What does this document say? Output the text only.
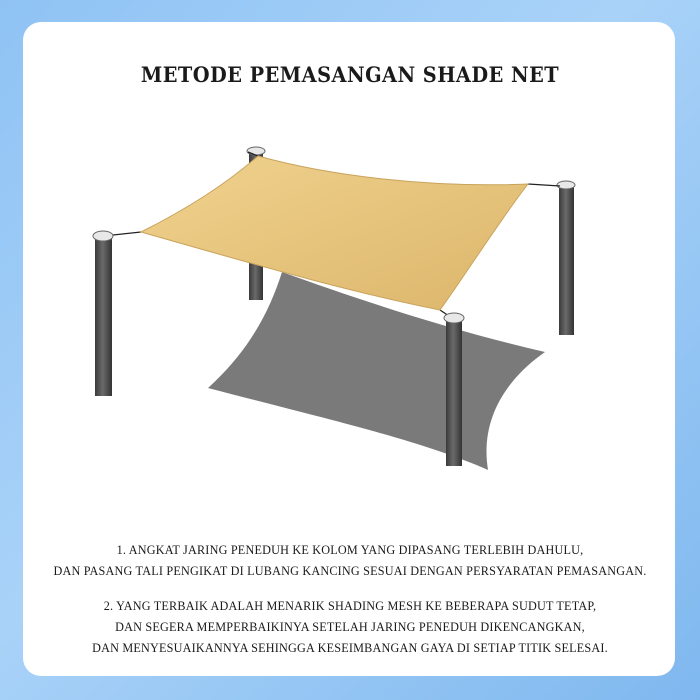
METODE PEMASANGAN SHADE NET
1. ANGKAT JARING PENEDUH KE KOLOM YANG DIPASANG TERLEBIH DAHULU,
DAN PASANG TALI PENGIKAT DI LUBANG KANCING SESUAI DENGAN PERSYARATAN PEMASANGAN.
2. YANG TERBAIK ADALAH MENARIK SHADING MESH KE BEBERAPA SUDUT TETAP,
DAN SEGERA MEMPERBAIKINYA SETELAH JARING PENEDUH DIKENCANGKAN,
DAN MENYESUAIKANNYA SEHINGGA KESEIMBANGAN GAYA DI SETIAP TITIK SELESAI.
